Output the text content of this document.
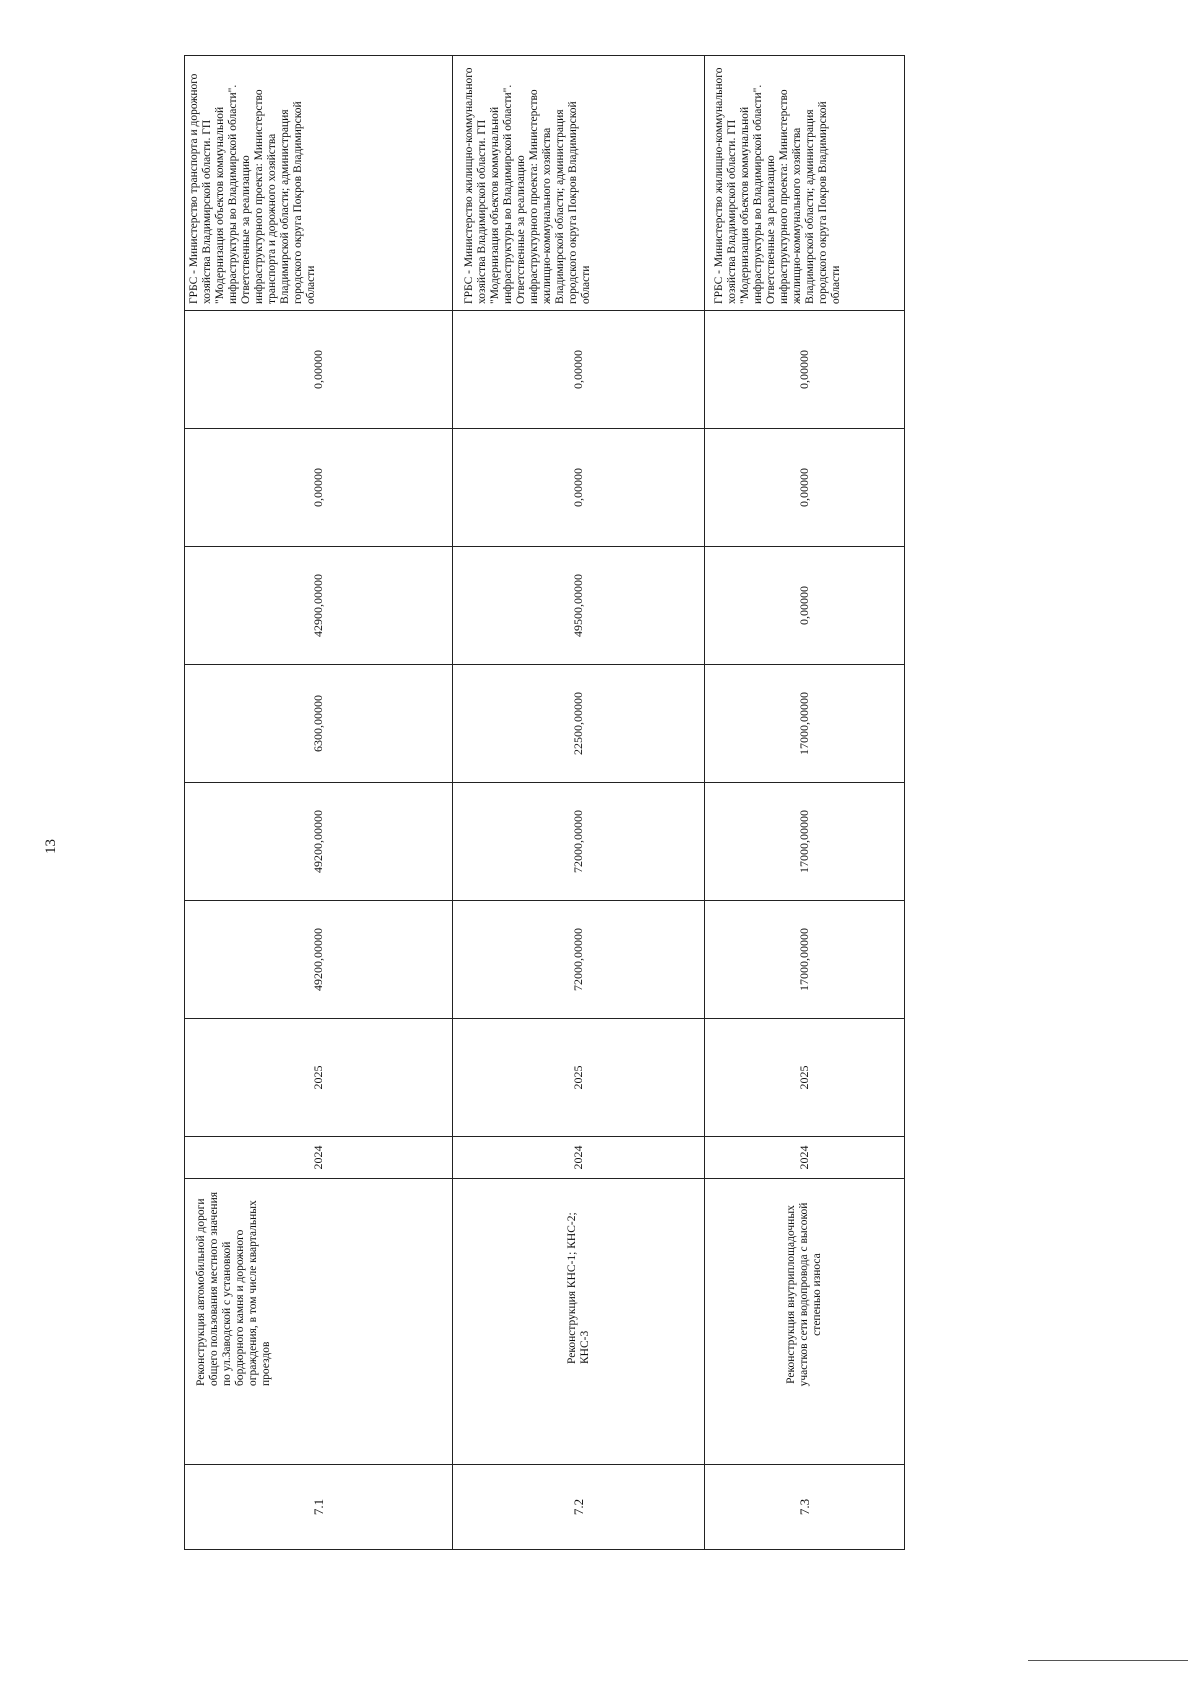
13
7.1	Реконструкция автомобильной дороги общего пользования местного значения по ул.Заводской с установкой бордюрного камня и дорожного ограждения, в том числе квартальных проездов	2024	2025	49200,00000	49200,00000	6300,00000	42900,00000	0,00000	0,00000	ГРБС - Министерство транспорта и дорожного хозяйства Владимирской области. ГП "Модернизация объектов коммунальной инфраструктуры во Владимирской области". Ответственные за реализацию инфраструктурного проекта: Министерство транспорта и дорожного хозяйства Владимирской области; администрация городского округа Покров Владимирской области
7.2	Реконструкция КНС-1; КНС-2; КНС-3	2024	2025	72000,00000	72000,00000	22500,00000	49500,00000	0,00000	0,00000	ГРБС - Министерство жилищно-коммунального хозяйства Владимирской области. ГП "Модернизация объектов коммунальной инфраструктуры во Владимирской области". Ответственные за реализацию инфраструктурного проекта: Министерство жилищно-коммунального хозяйства Владимирской области; администрация городского округа Покров Владимирской области
7.3	Реконструкция внутриплощадочных участков сети водопровода с высокой степенью износа	2024	2025	17000,00000	17000,00000	17000,00000	0,00000	0,00000	0,00000	ГРБС - Министерство жилищно-коммунального хозяйства Владимирской области. ГП "Модернизация объектов коммунальной инфраструктуры во Владимирской области". Ответственные за реализацию инфраструктурного проекта: Министерство жилищно-коммунального хозяйства Владимирской области; администрация городского округа Покров Владимирской области
